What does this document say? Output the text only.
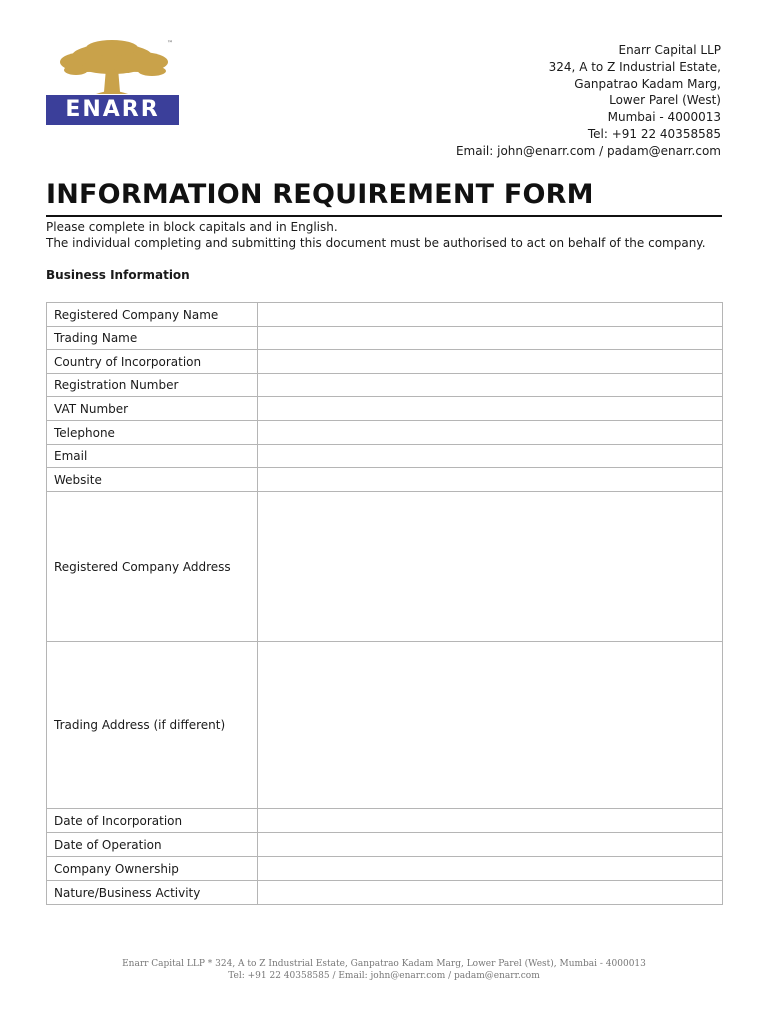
™
ENARR
Enarr Capital LLP
324, A to Z Industrial Estate,
Ganpatrao Kadam Marg,
Lower Parel (West)
Mumbai - 4000013
Tel: +91 22 40358585
Email: john@enarr.com / padam@enarr.com
INFORMATION REQUIREMENT FORM
Please complete in block capitals and in English.
The individual completing and submitting this document must be authorised to act on behalf of the company.
Business Information
Registered Company Name	
Trading Name	
Country of Incorporation	
Registration Number	
VAT Number	
Telephone	
Email	
Website	
Registered Company Address	
Trading Address (if different)	
Date of Incorporation	
Date of Operation	
Company Ownership	
Nature/Business Activity	
Enarr Capital LLP * 324, A to Z Industrial Estate, Ganpatrao Kadam Marg, Lower Parel (West), Mumbai - 4000013
Tel: +91 22 40358585 / Email: john@enarr.com / padam@enarr.com
